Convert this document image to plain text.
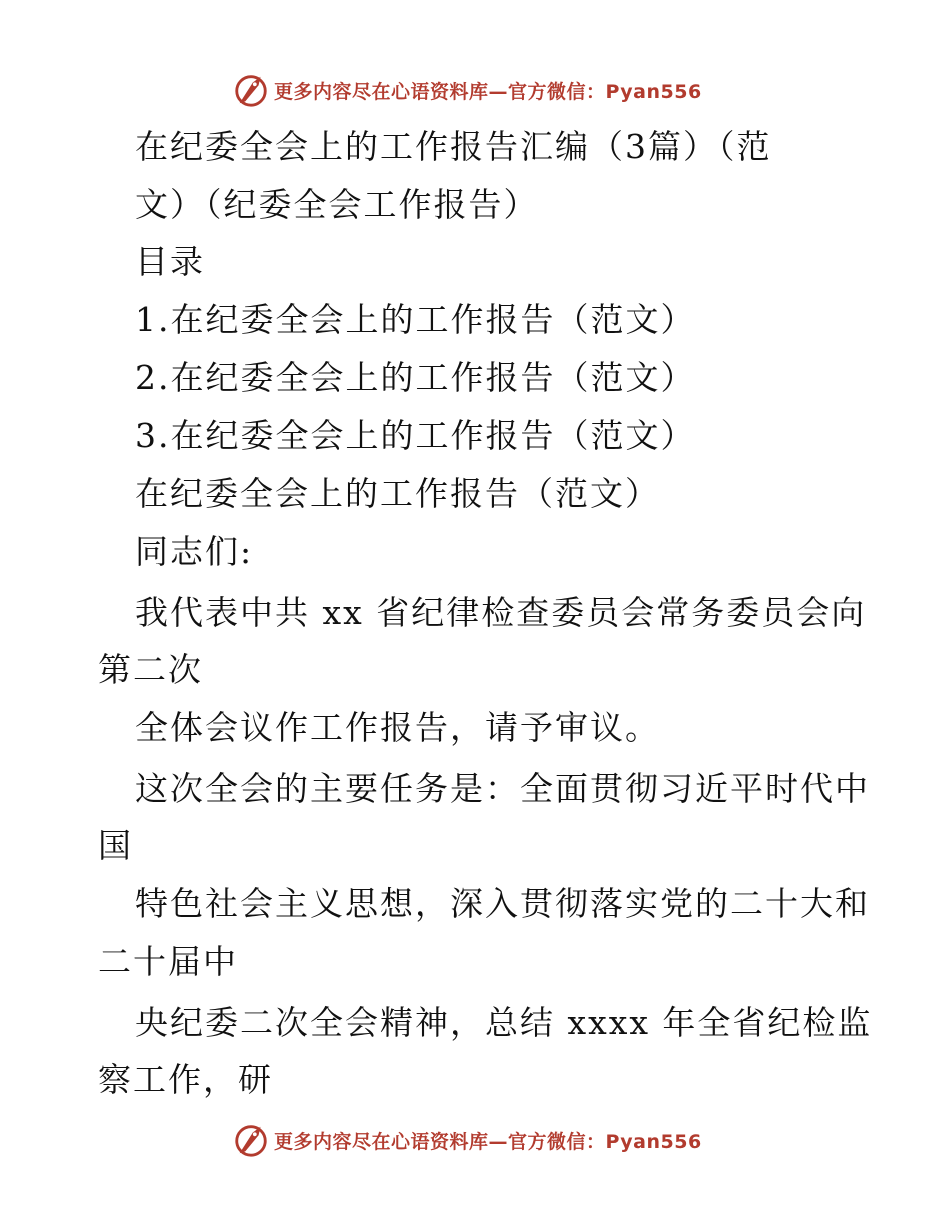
更多内容尽在心语资料库—官方微信：Pyan556
在纪委全会上的工作报告汇编（3篇）（范
文）（纪委全会工作报告）
目录
1.在纪委全会上的工作报告（范文）
2.在纪委全会上的工作报告（范文）
3.在纪委全会上的工作报告（范文）
在纪委全会上的工作报告（范文）
同志们:
我代表中共 xx 省纪律检查委员会常务委员会向
第二次
全体会议作工作报告，请予审议。
这次全会的主要任务是：全面贯彻习近平时代中
国
特色社会主义思想，深入贯彻落实党的二十大和
二十届中
央纪委二次全会精神，总结 xxxx 年全省纪检监
察工作，研
更多内容尽在心语资料库—官方微信：Pyan556
